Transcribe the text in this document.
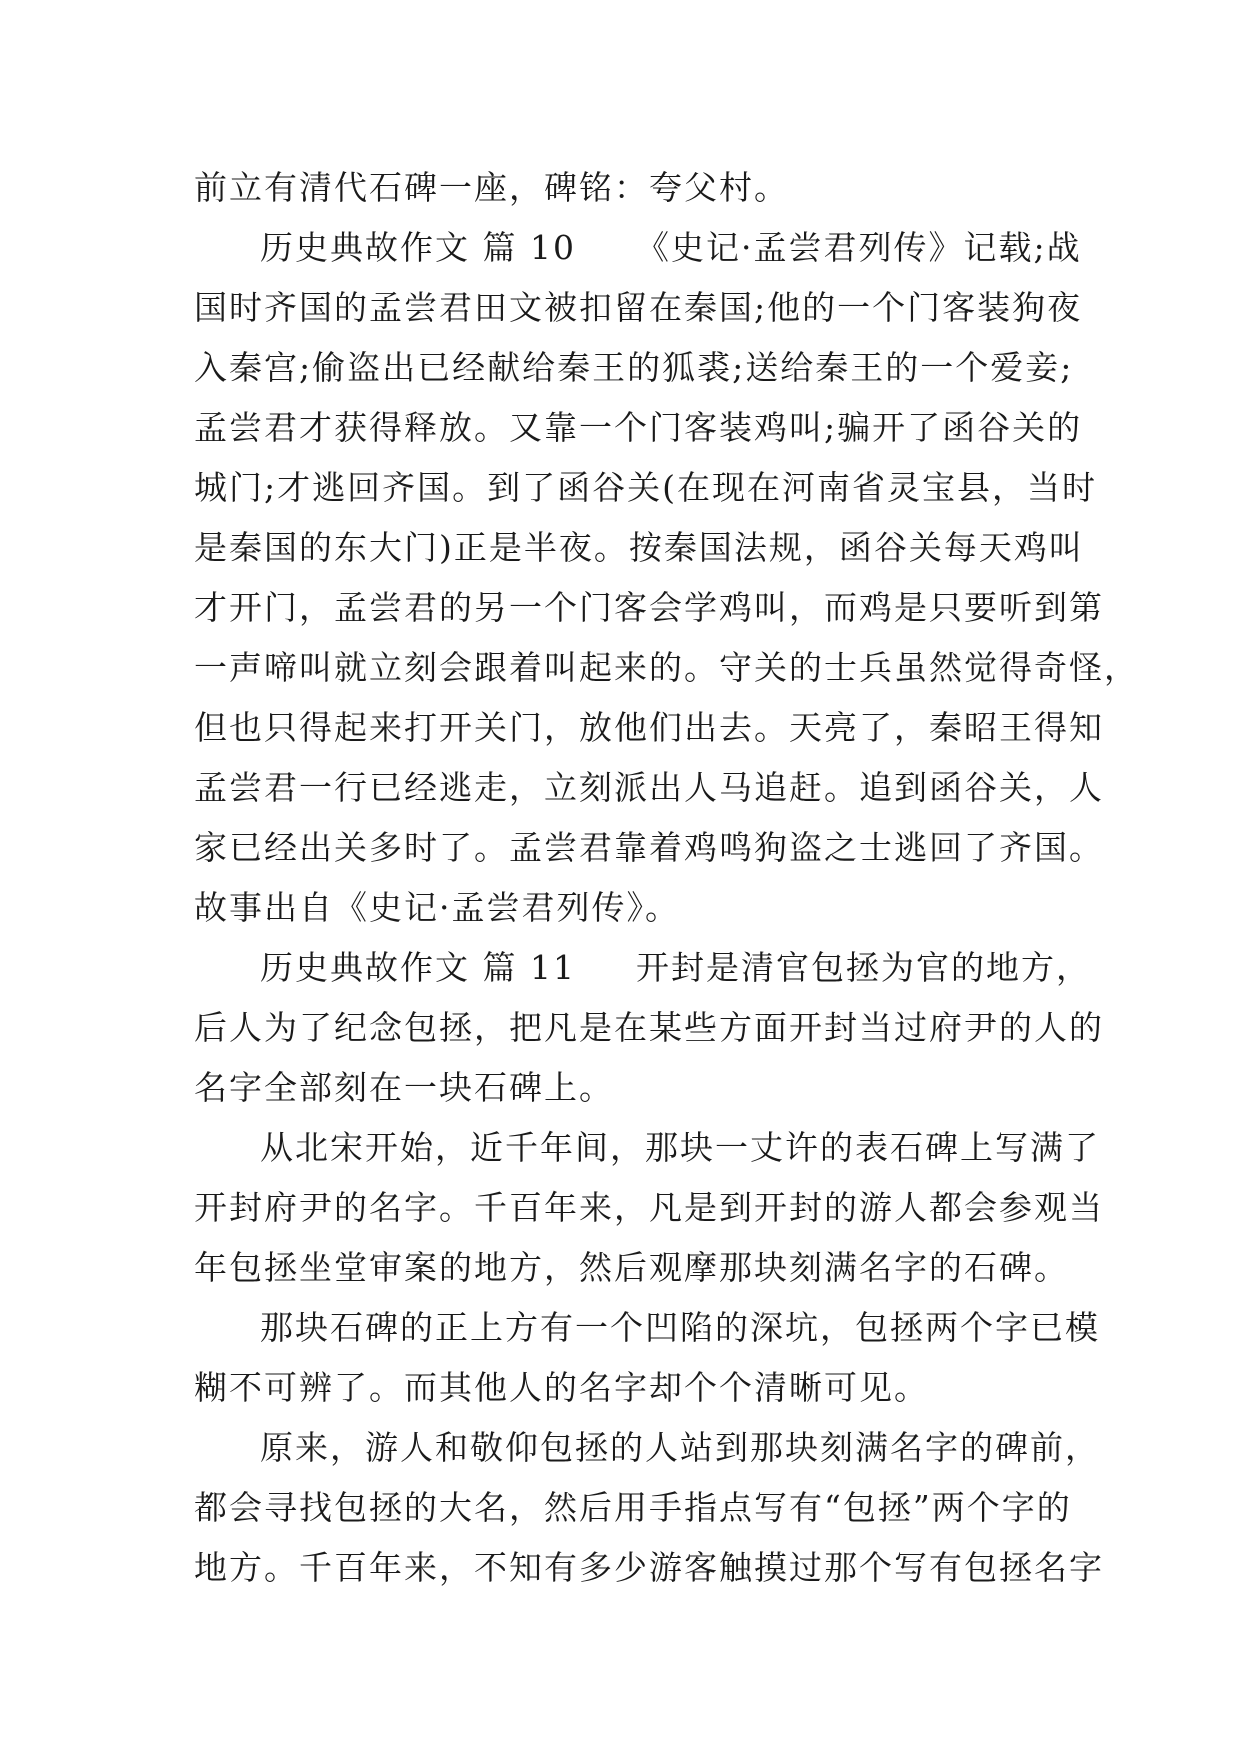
前立有清代石碑一座，碑铭：夸父村。
历史典故作文 篇 10 《史记·孟尝君列传》记载;战
国时齐国的孟尝君田文被扣留在秦国;他的一个门客装狗夜
入秦宫;偷盗出已经献给秦王的狐裘;送给秦王的一个爱妾;
孟尝君才获得释放。又靠一个门客装鸡叫;骗开了函谷关的
城门;才逃回齐国。到了函谷关(在现在河南省灵宝县，当时
是秦国的东大门)正是半夜。按秦国法规，函谷关每天鸡叫
才开门，孟尝君的另一个门客会学鸡叫，而鸡是只要听到第
一声啼叫就立刻会跟着叫起来的。守关的士兵虽然觉得奇怪，
但也只得起来打开关门，放他们出去。天亮了，秦昭王得知
孟尝君一行已经逃走，立刻派出人马追赶。追到函谷关，人
家已经出关多时了。孟尝君靠着鸡鸣狗盗之士逃回了齐国。
故事出自《史记·孟尝君列传》。
历史典故作文 篇 11 开封是清官包拯为官的地方，
后人为了纪念包拯，把凡是在某些方面开封当过府尹的人的
名字全部刻在一块石碑上。
从北宋开始，近千年间，那块一丈许的表石碑上写满了
开封府尹的名字。千百年来，凡是到开封的游人都会参观当
年包拯坐堂审案的地方，然后观摩那块刻满名字的石碑。
那块石碑的正上方有一个凹陷的深坑，包拯两个字已模
糊不可辨了。而其他人的名字却个个清晰可见。
原来，游人和敬仰包拯的人站到那块刻满名字的碑前，
都会寻找包拯的大名，然后用手指点写有“包拯”两个字的
地方。千百年来，不知有多少游客触摸过那个写有包拯名字
